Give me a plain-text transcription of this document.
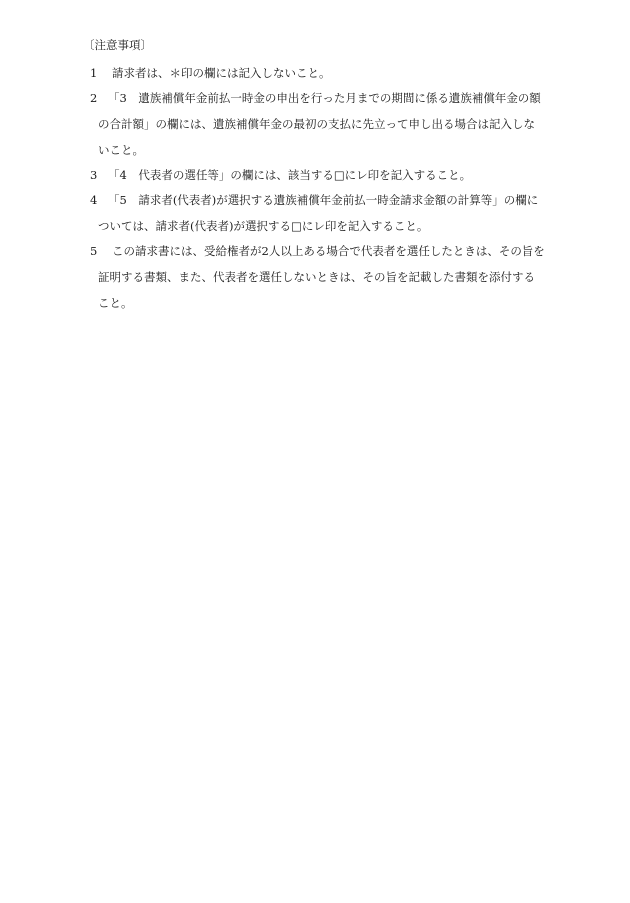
〔注意事項〕
1 請求者は、＊印の欄には記入しないこと。
2 「3　遺族補償年金前払一時金の申出を行った月までの期間に係る遺族補償年金の額
の合計額」の欄には、遺族補償年金の最初の支払に先立って申し出る場合は記入しな
いこと。
3 「4　代表者の選任等」の欄には、該当する□にレ印を記入すること。
4 「5　請求者(代表者)が選択する遺族補償年金前払一時金請求金額の計算等」の欄に
ついては、請求者(代表者)が選択する□にレ印を記入すること。
5 この請求書には、受給権者が2人以上ある場合で代表者を選任したときは、その旨を
証明する書類、また、代表者を選任しないときは、その旨を記載した書類を添付する
こと。
